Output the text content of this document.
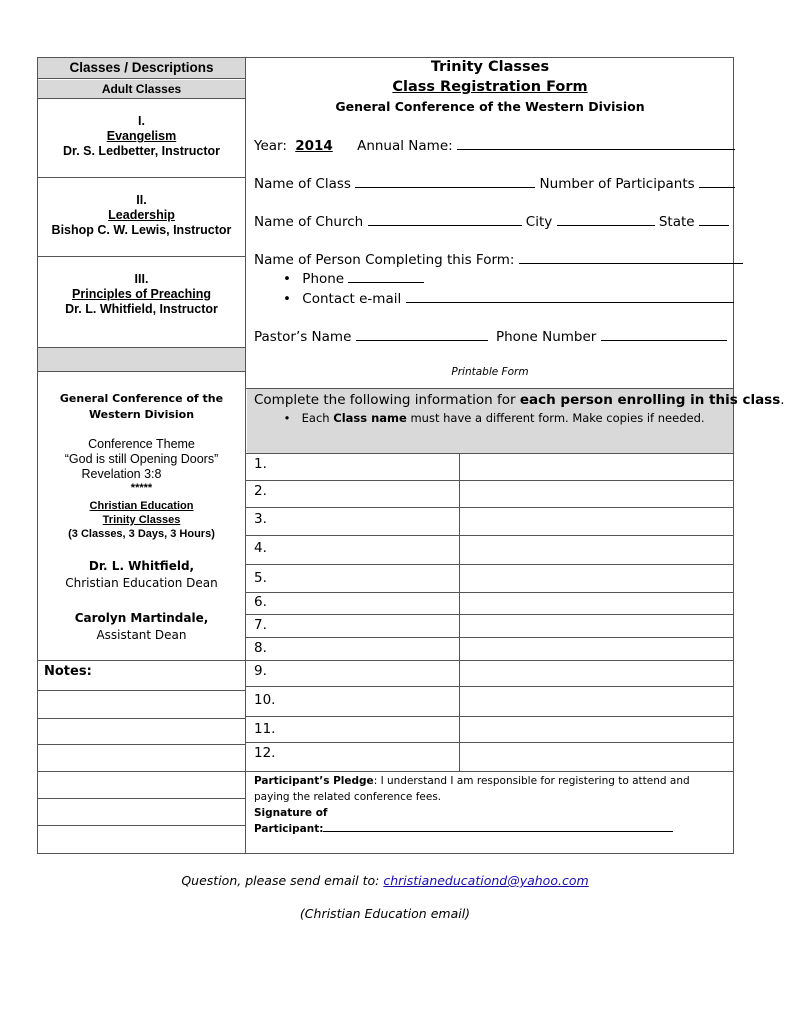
Classes / Descriptions
Adult Classes
I.
Evangelism
Dr. S. Ledbetter, Instructor
II.
Leadership
Bishop C. W. Lewis, Instructor
III.
Principles of Preaching
Dr. L. Whitfield, Instructor
General Conference of the
Western Division
Conference Theme
“God is still Opening Doors”
Revelation 3:8
*****
Christian Education
Trinity Classes
(3 Classes, 3 Days, 3 Hours)
Dr. L. Whitfield,
Christian Education Dean
Carolyn Martindale,
Assistant Dean
Notes:
Trinity Classes
Class Registration Form
General Conference of the Western Division
Year: 2014 Annual Name:
Name of Class	Number of Participants
Name of Church	City	State
Name of Person Completing this Form:
• Phone
• Contact e-mail
Pastor’s Name	Phone Number
Printable Form
Complete the following information for each person enrolling in this class.
• Each Class name must have a different form. Make copies if needed.
1.
2.
3.
4.
5.
6.
7.
8.
9.
10.
11.
12.
Participant’s Pledge: I understand I am responsible for registering to attend and paying the related conference fees.
Signature of
Participant:
Question, please send email to: christianeducationd@yahoo.com
(Christian Education email)
